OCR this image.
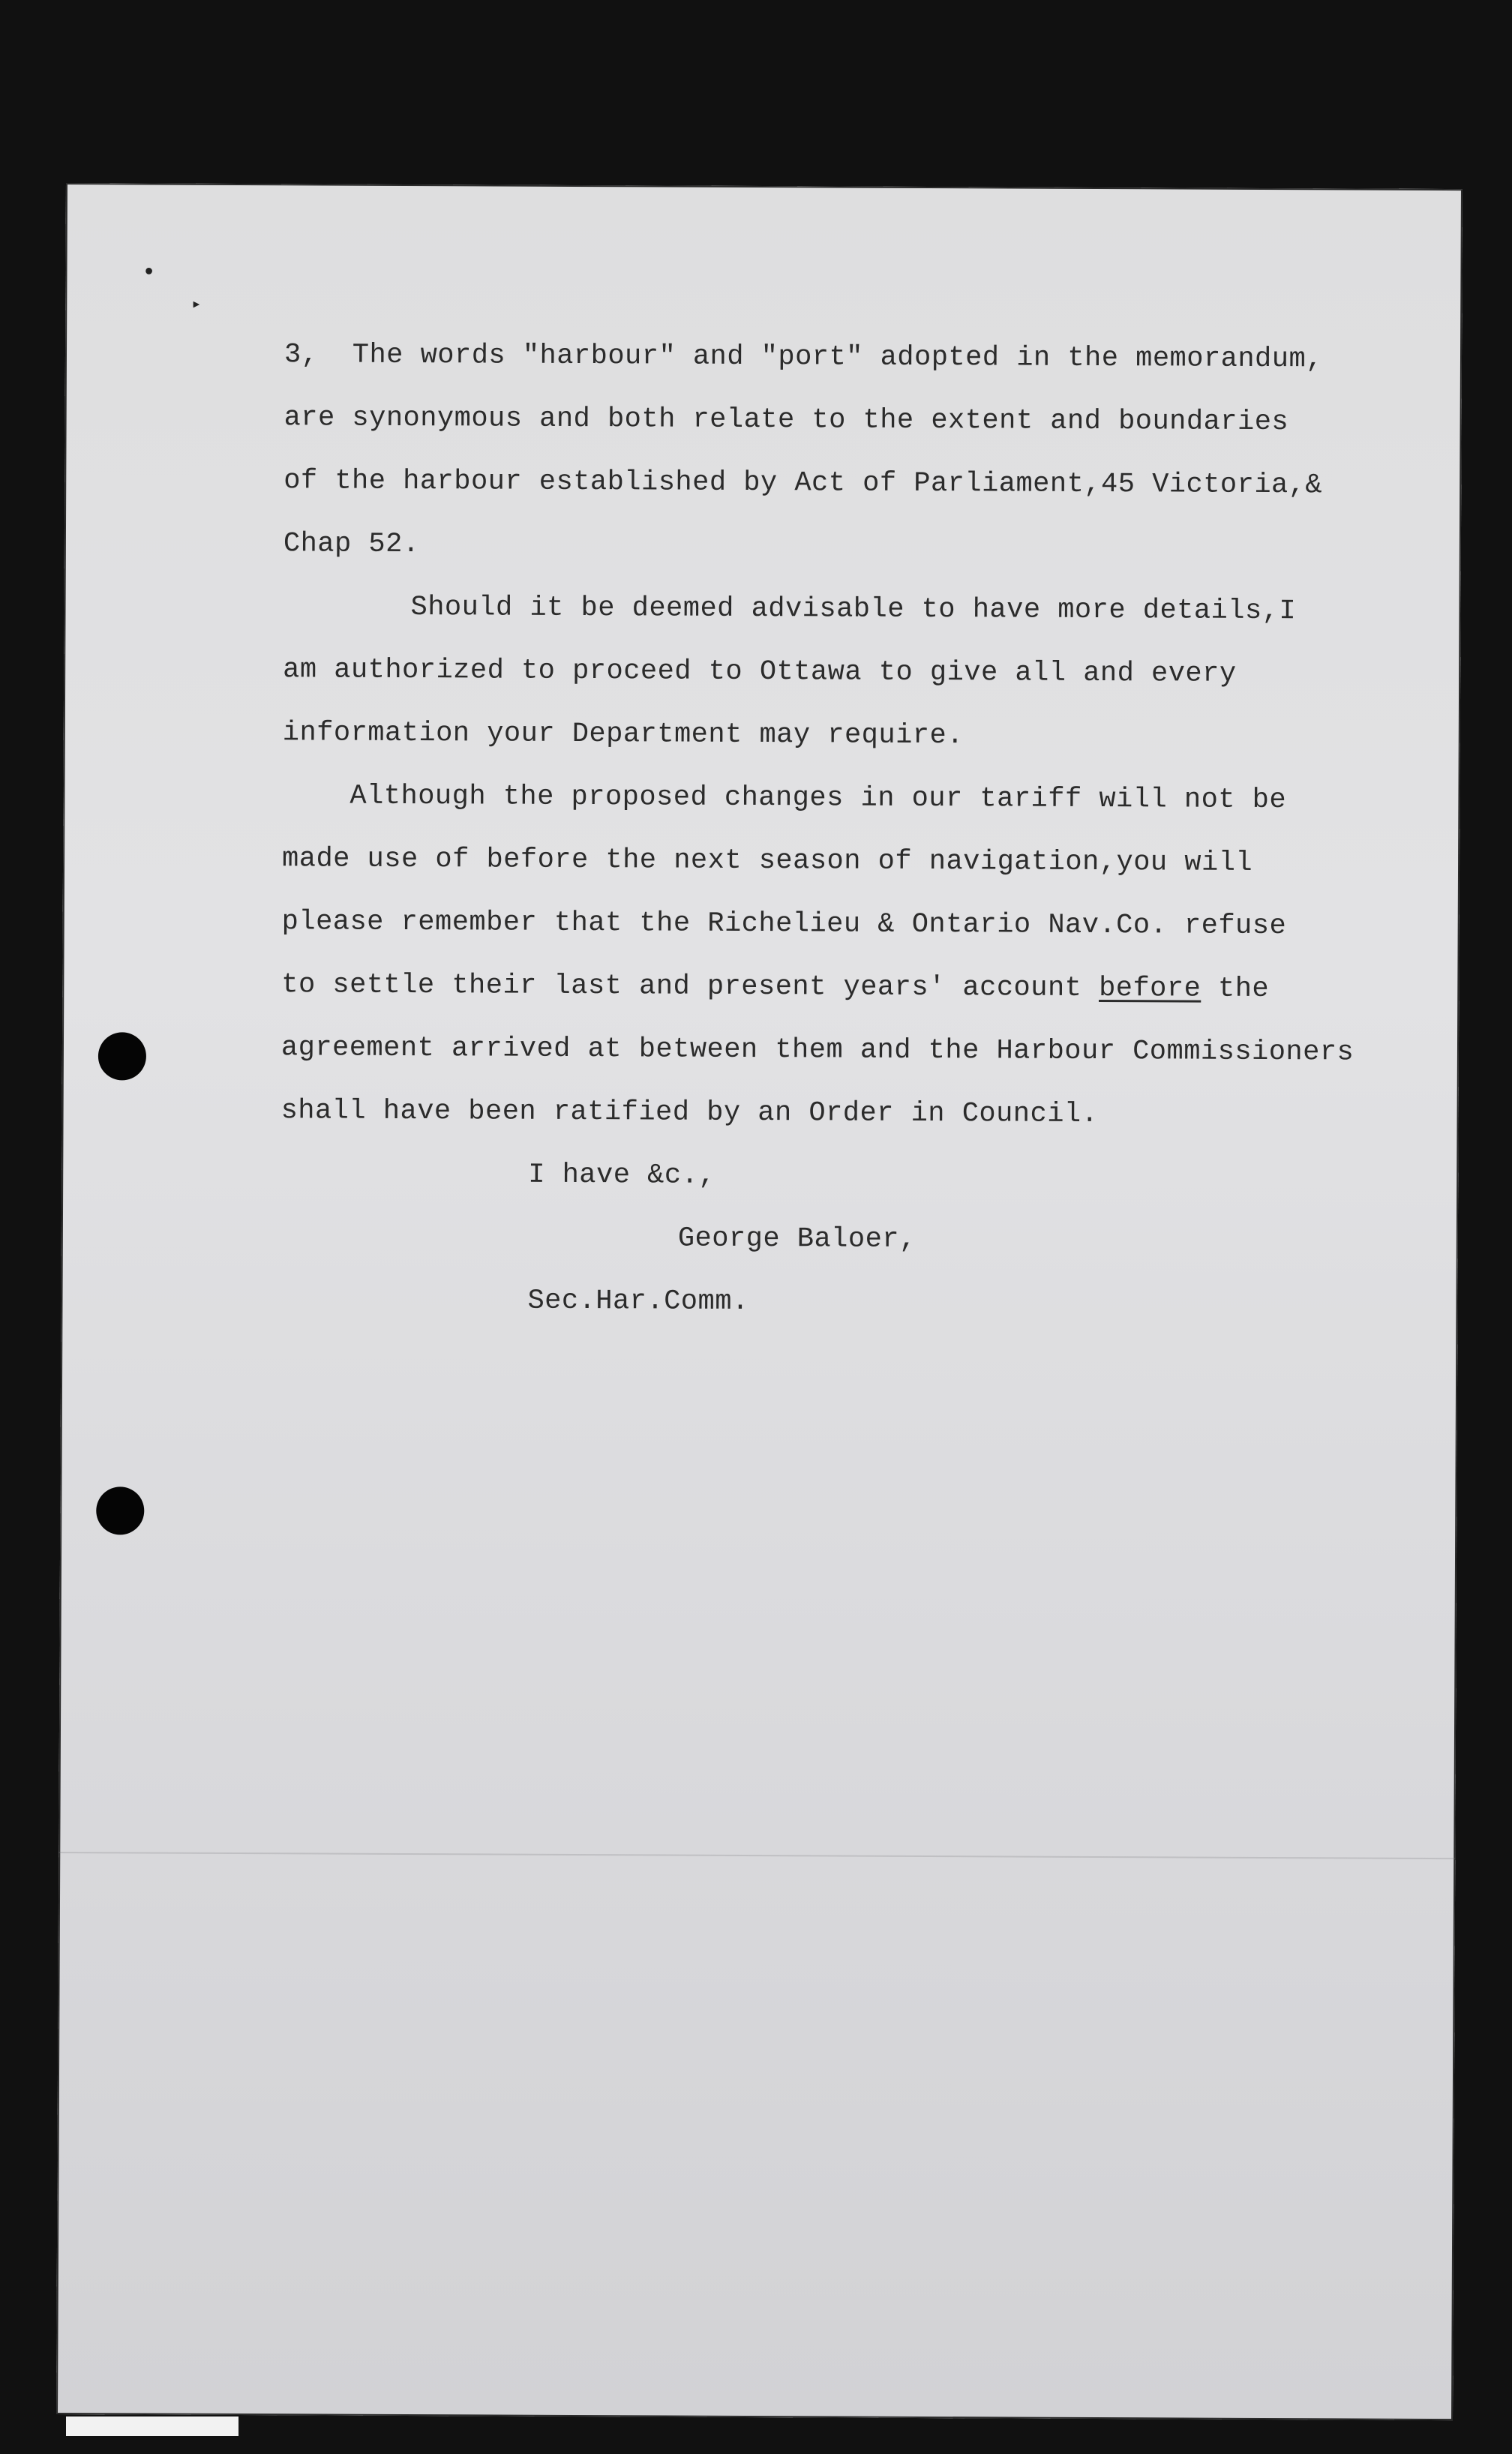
•
▸
3,  The words "harbour" and "port" adopted in the memorandum,
are synonymous and both relate to the extent and boundaries
of the harbour established by Act of Parliament,45 Victoria,&
Chap 52.
Should it be deemed advisable to have more details,I
am authorized to proceed to Ottawa to give all and every
information your Department may require.
Although the proposed changes in our tariff will not be
made use of before the next season of navigation,you will
please remember that the Richelieu & Ontario Nav.Co. refuse
to settle their last and present years' account before the
agreement arrived at between them and the Harbour Commissioners
shall have been ratified by an Order in Council.
I have &c.,
George Baloer,
Sec.Har.Comm.
